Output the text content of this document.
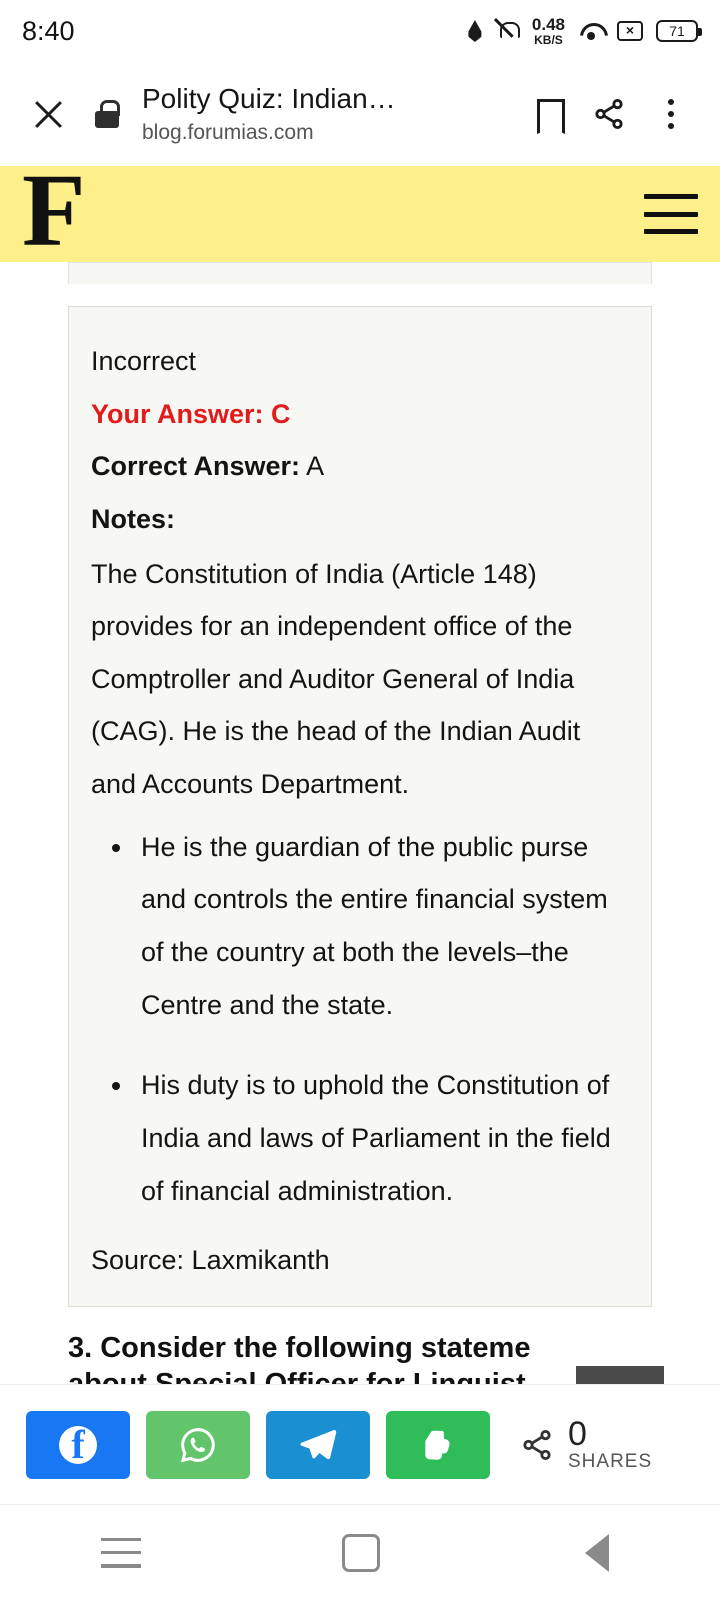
8:40	0.48
KB/S
×	71
Polity Quiz: Indian…
blog.forumias.com
F
Incorrect
Your Answer: C
Correct Answer: A
Notes:
The Constitution of India (Article 148) provides for an independent office of the Comptroller and Auditor General of India (CAG). He is the head of the Indian Audit and Accounts Department.
• He is the guardian of the public purse and controls the entire financial system of the country at both the levels–the Centre and the state.
• His duty is to uphold the Constitution of India and laws of Parliament in the field of financial administration.
Source: Laxmikanth
3. Consider the following stateme
f	0
SHARES
